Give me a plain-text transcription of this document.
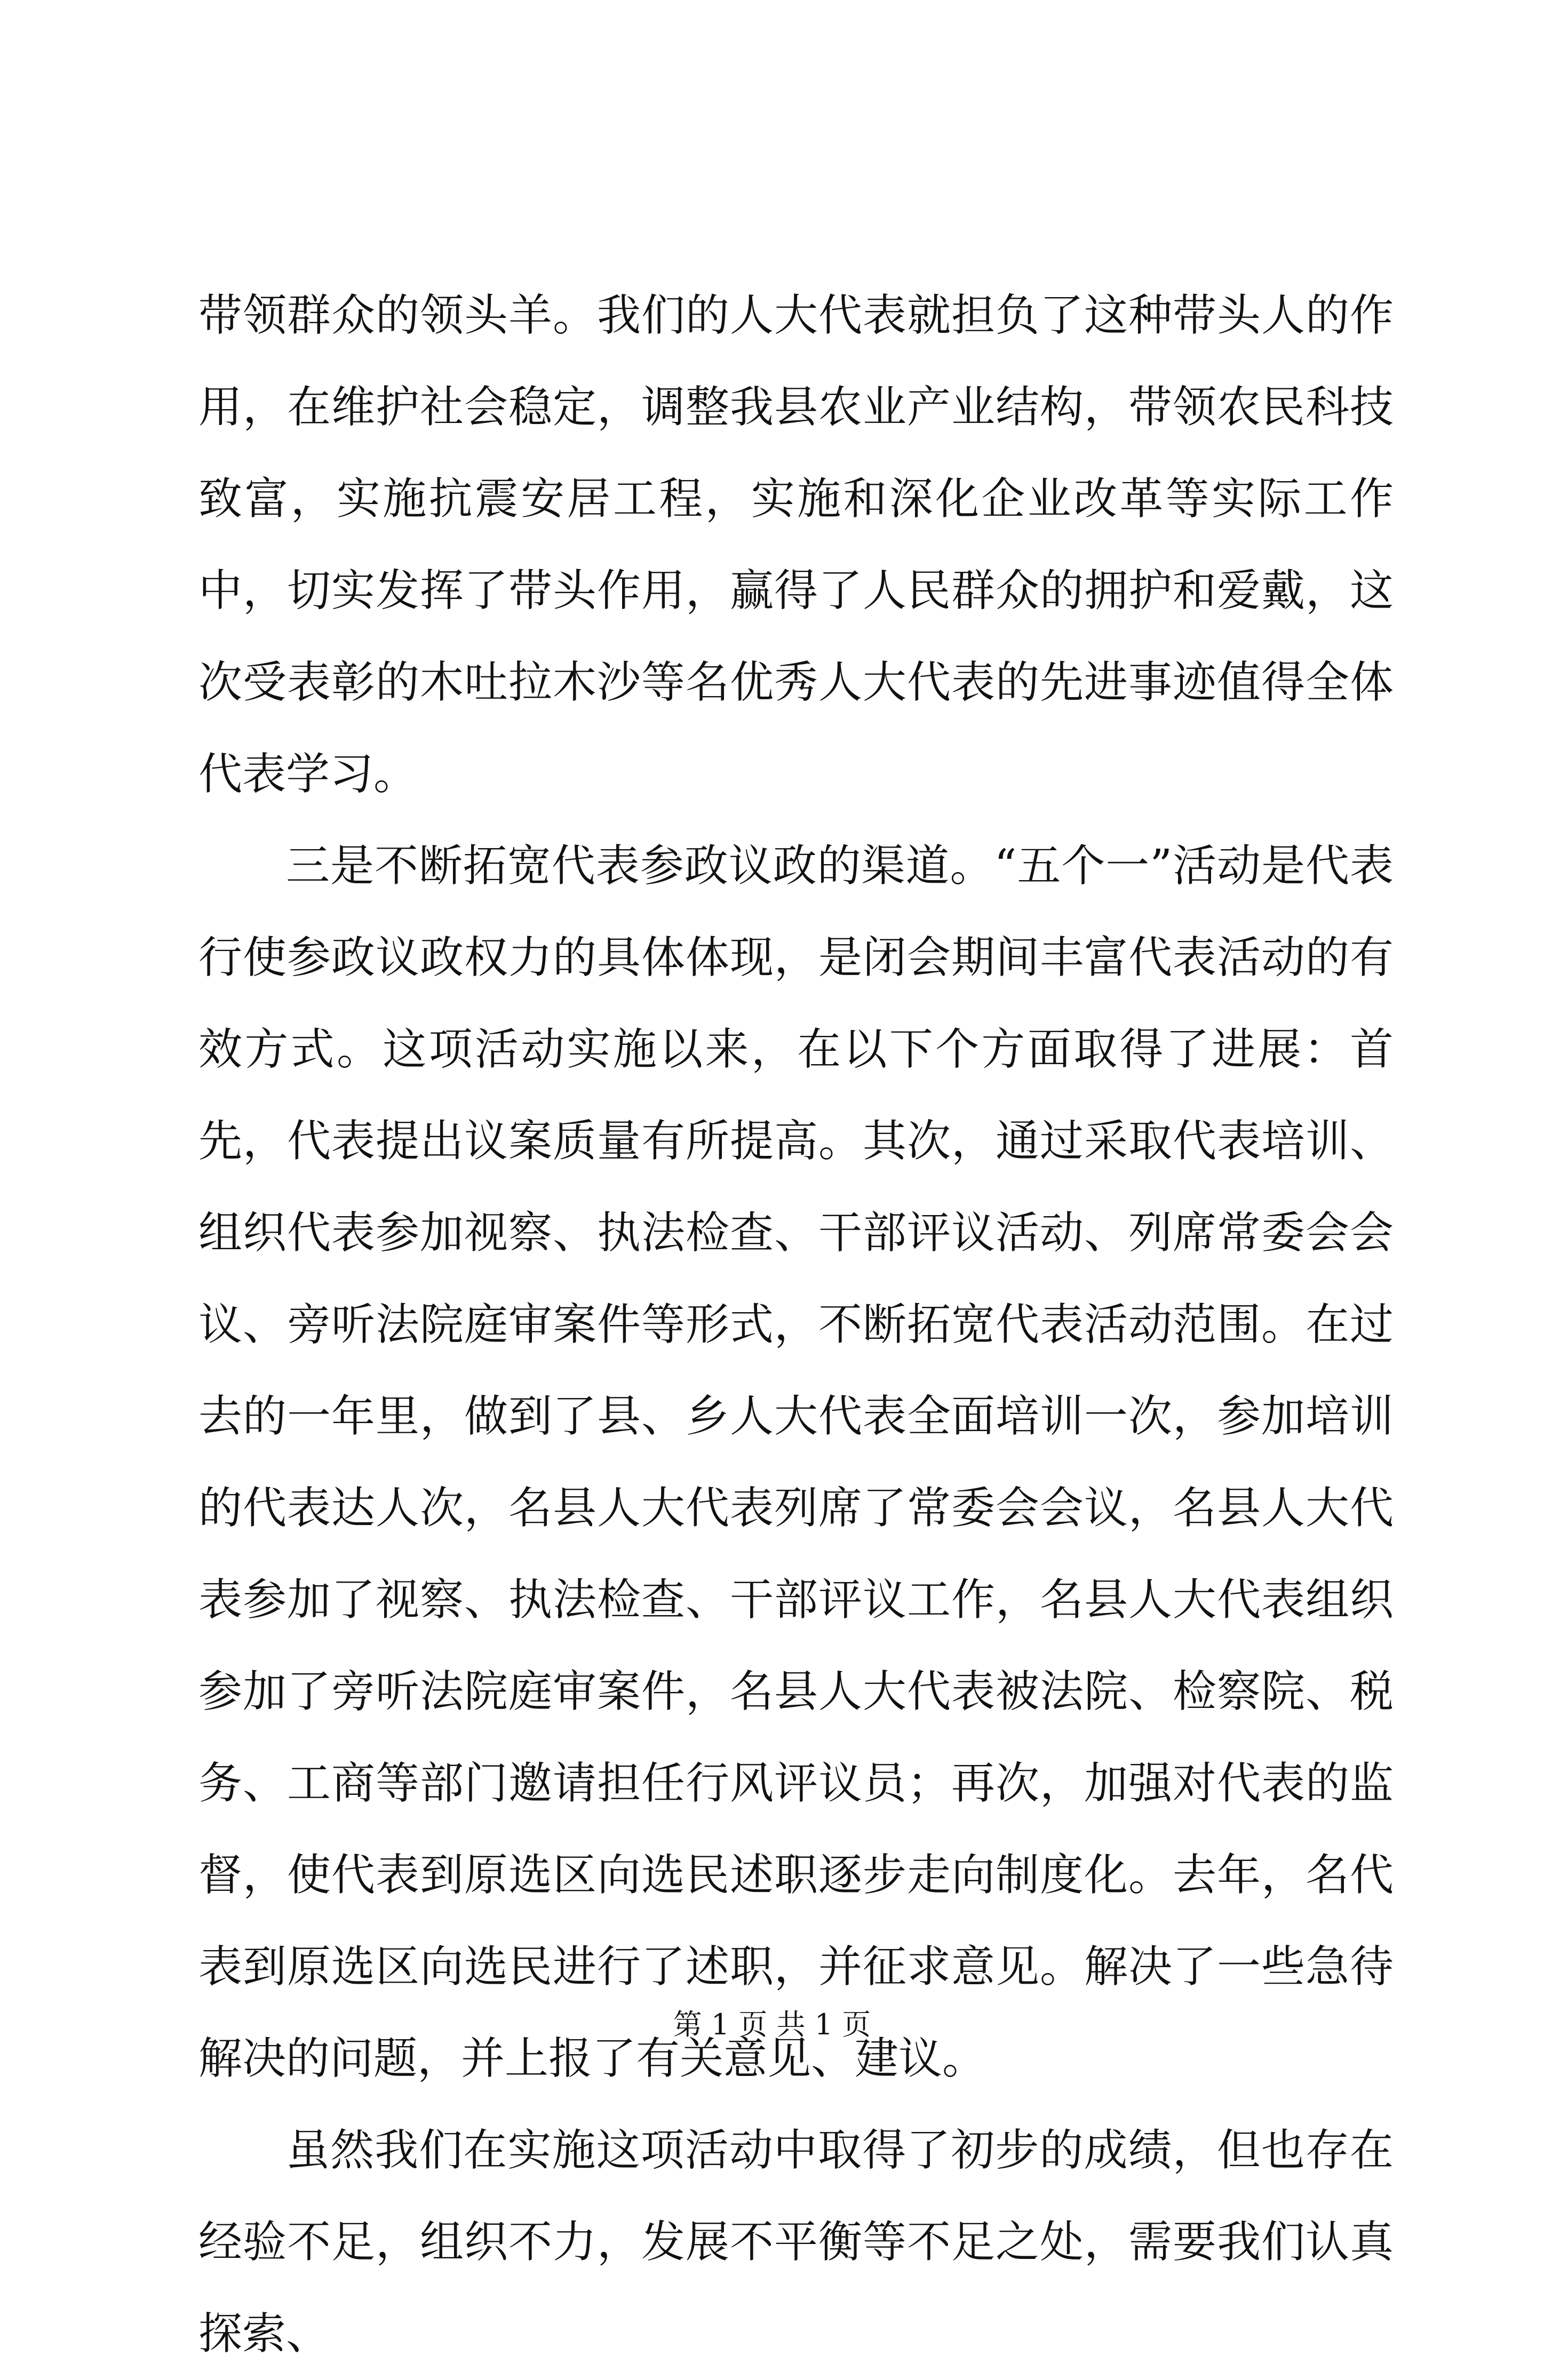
带领群众的领头羊。我们的人大代表就担负了这种带头人的作用，在维护社会稳定，调整我县农业产业结构，带领农民科技致富，实施抗震安居工程，实施和深化企业改革等实际工作中，切实发挥了带头作用，赢得了人民群众的拥护和爱戴，这次受表彰的木吐拉木沙等名优秀人大代表的先进事迹值得全体代表学习。

三是不断拓宽代表参政议政的渠道。“五个一”活动是代表行使参政议政权力的具体体现，是闭会期间丰富代表活动的有效方式。这项活动实施以来，在以下个方面取得了进展：首先，代表提出议案质量有所提高。其次，通过采取代表培训、组织代表参加视察、执法检查、干部评议活动、列席常委会会议、旁听法院庭审案件等形式，不断拓宽代表活动范围。在过去的一年里，做到了县、乡人大代表全面培训一次，参加培训的代表达人次，名县人大代表列席了常委会会议，名县人大代表参加了视察、执法检查、干部评议工作，名县人大代表组织参加了旁听法院庭审案件，名县人大代表被法院、检察院、税务、工商等部门邀请担任行风评议员；再次，加强对代表的监督，使代表到原选区向选民述职逐步走向制度化。去年，名代表到原选区向选民进行了述职，并征求意见。解决了一些急待解决的问题，并上报了有关意见、建议。

虽然我们在实施这项活动中取得了初步的成绩，但也存在经验不足，组织不力，发展不平衡等不足之处，需要我们认真探索、

第 1 页 共 1 页
